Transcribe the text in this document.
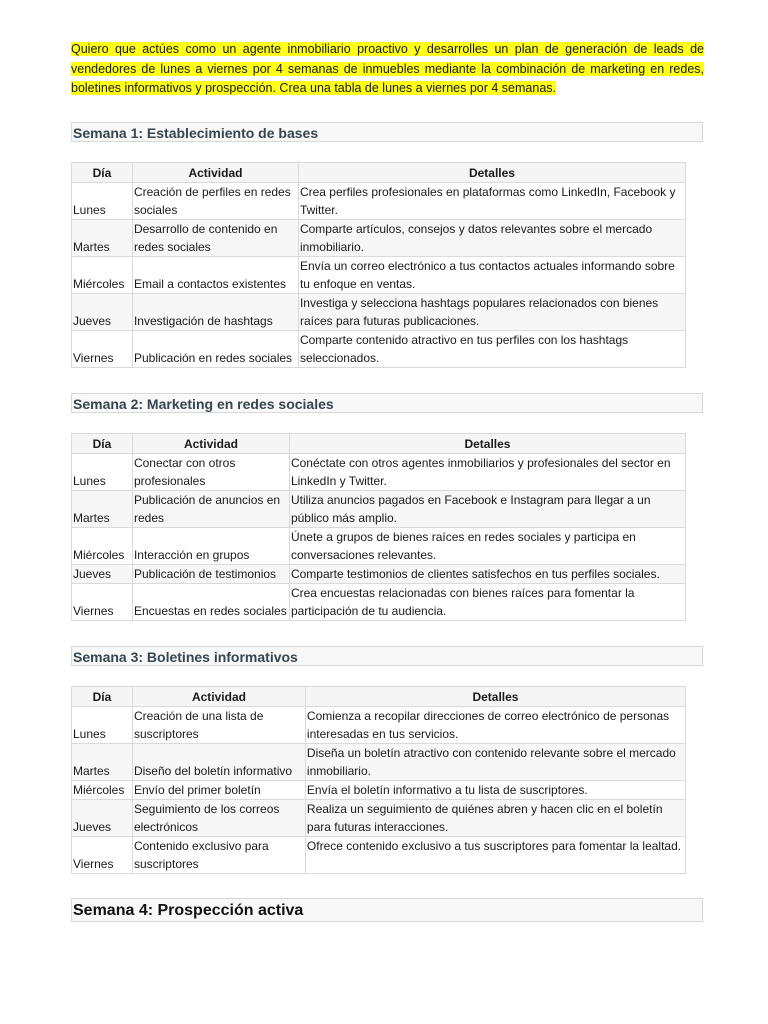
Quiero que actúes como un agente inmobiliario proactivo y desarrolles un plan de generación de leads de vendedores de lunes a viernes por 4 semanas de inmuebles mediante la combinación de marketing en redes, boletines informativos y prospección. Crea una tabla de lunes a viernes por 4 semanas.

Semana 1: Establecimiento de bases
Día	Actividad	Detalles
Lunes	Creación de perfiles en redes sociales	Crea perfiles profesionales en plataformas como LinkedIn, Facebook y Twitter.
Martes	Desarrollo de contenido en redes sociales	Comparte artículos, consejos y datos relevantes sobre el mercado inmobiliario.
Miércoles	Email a contactos existentes	Envía un correo electrónico a tus contactos actuales informando sobre tu enfoque en ventas.
Jueves	Investigación de hashtags	Investiga y selecciona hashtags populares relacionados con bienes raíces para futuras publicaciones.
Viernes	Publicación en redes sociales	Comparte contenido atractivo en tus perfiles con los hashtags seleccionados.
Semana 2: Marketing en redes sociales
Día	Actividad	Detalles
Lunes	Conectar con otros profesionales	Conéctate con otros agentes inmobiliarios y profesionales del sector en LinkedIn y Twitter.
Martes	Publicación de anuncios en redes	Utiliza anuncios pagados en Facebook e Instagram para llegar a un público más amplio.
Miércoles	Interacción en grupos	Únete a grupos de bienes raíces en redes sociales y participa en conversaciones relevantes.
Jueves	Publicación de testimonios	Comparte testimonios de clientes satisfechos en tus perfiles sociales.
Viernes	Encuestas en redes sociales	Crea encuestas relacionadas con bienes raíces para fomentar la participación de tu audiencia.
Semana 3: Boletines informativos
Día	Actividad	Detalles
Lunes	Creación de una lista de suscriptores	Comienza a recopilar direcciones de correo electrónico de personas interesadas en tus servicios.
Martes	Diseño del boletín informativo	Diseña un boletín atractivo con contenido relevante sobre el mercado inmobiliario.
Miércoles	Envío del primer boletín	Envía el boletín informativo a tu lista de suscriptores.
Jueves	Seguimiento de los correos electrónicos	Realiza un seguimiento de quiénes abren y hacen clic en el boletín para futuras interacciones.
Viernes	Contenido exclusivo para suscriptores	Ofrece contenido exclusivo a tus suscriptores para fomentar la lealtad.
Semana 4: Prospección activa
